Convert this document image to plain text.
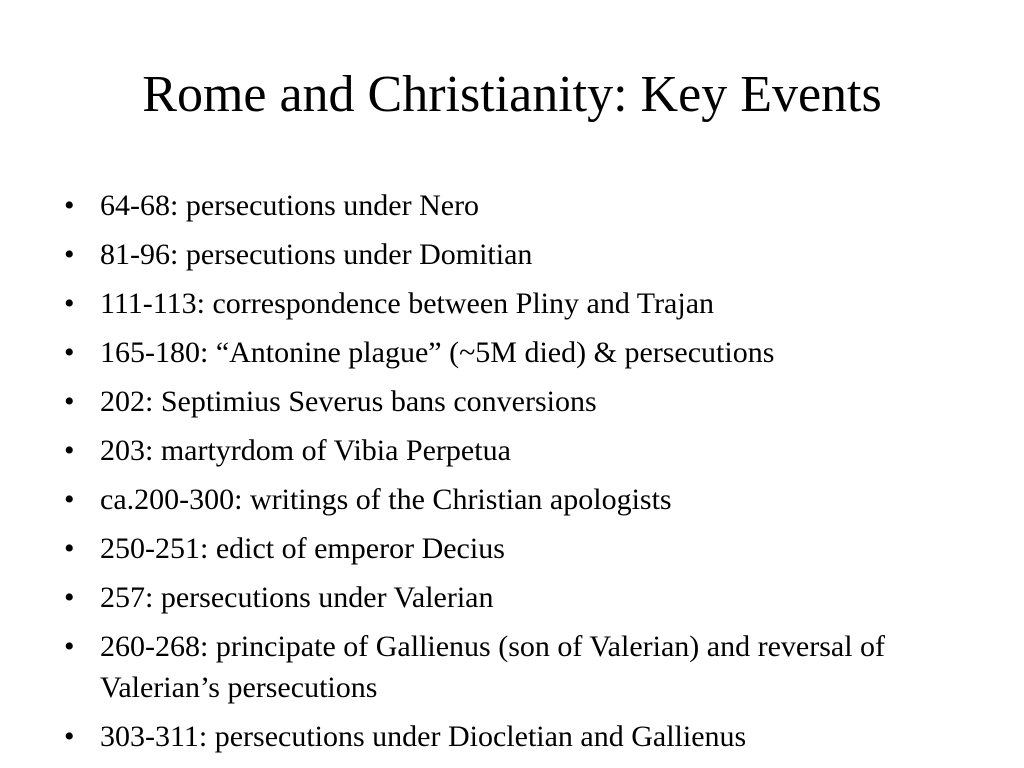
Rome and Christianity: Key Events
• 64-68: persecutions under Nero
• 81-96: persecutions under Domitian
• 111-113: correspondence between Pliny and Trajan
• 165-180: “Antonine plague” (~5M died) & persecutions
• 202: Septimius Severus bans conversions
• 203: martyrdom of Vibia Perpetua
• ca.200-300: writings of the Christian apologists
• 250-251: edict of emperor Decius
• 257: persecutions under Valerian
• 260-268: principate of Gallienus (son of Valerian) and reversal of Valerian’s persecutions
• 303-311: persecutions under Diocletian and Gallienus
